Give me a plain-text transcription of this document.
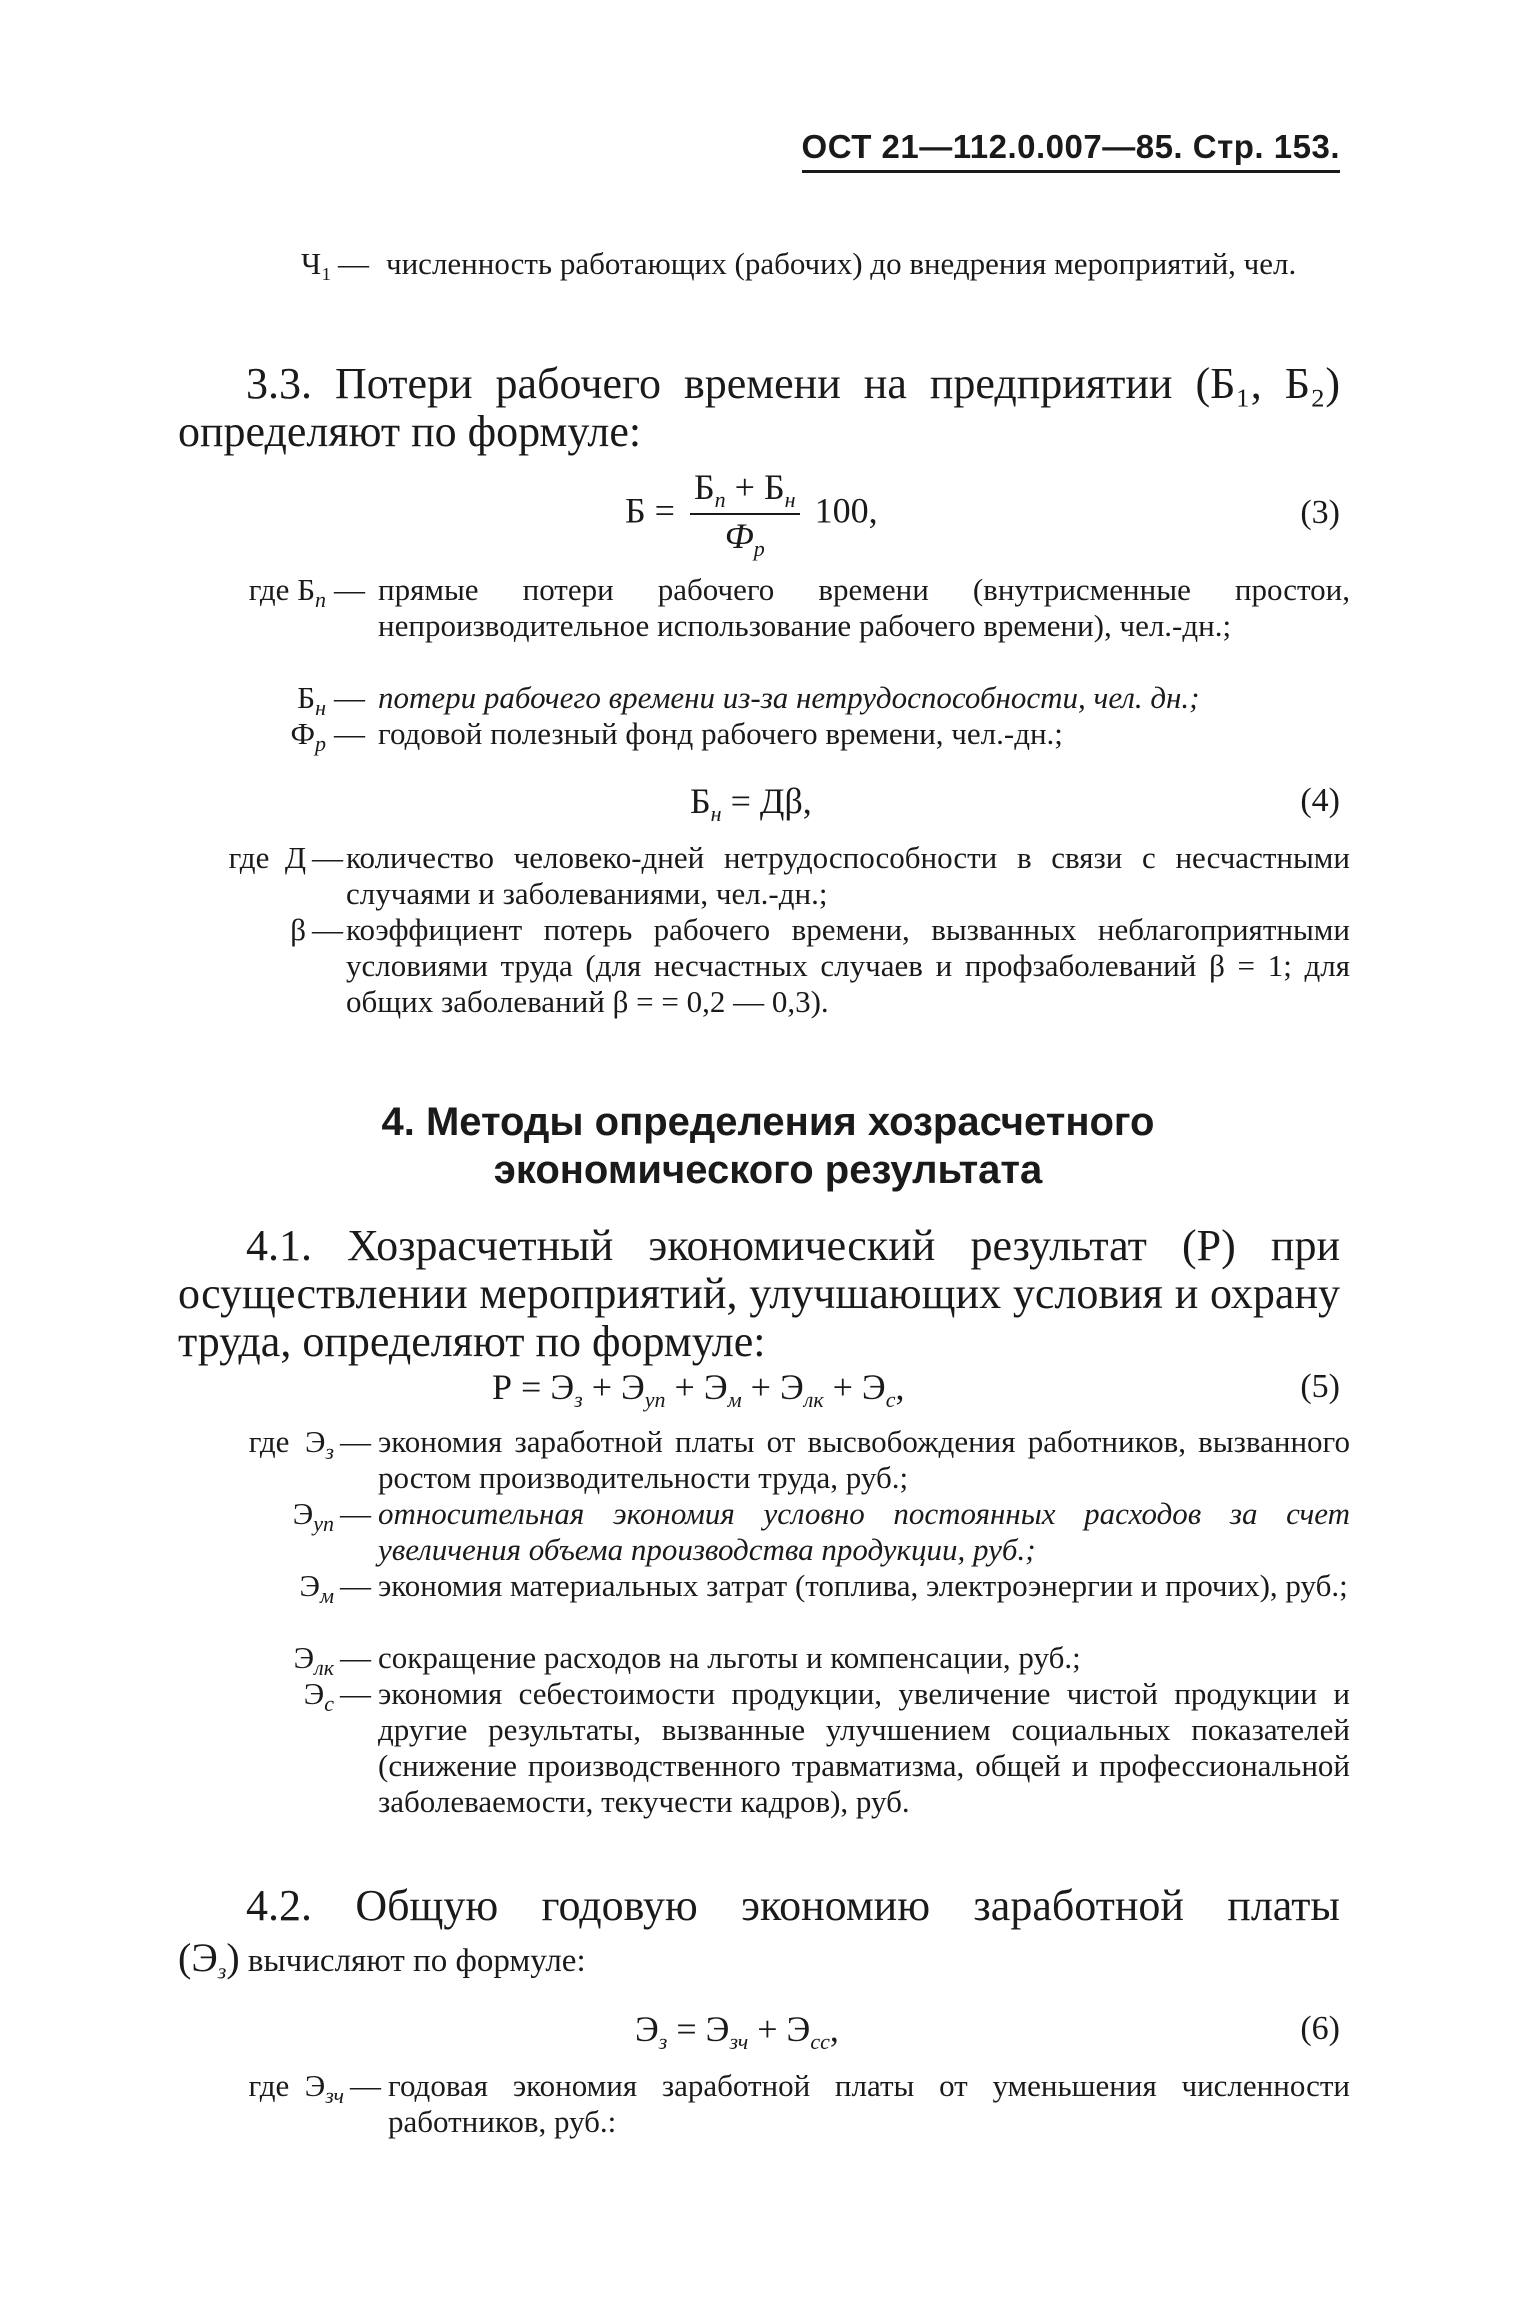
ОСТ 21—112.0.007—85. Стр. 153.
Ч₁ — численность работающих (рабочих) до внедрения мероприятий, чел.
3.3. Потери рабочего времени на предприятии (Б₁, Б₂) определяют по формуле:
$Б = \frac{Б_п + Б_н}{Ф_р} 100$,	(3)
где $Б_п$ — прямые потери рабочего времени (внутрисменные простои, непроизводительное использование рабочего времени), чел.-дн.;
$Б_н$ — потери рабочего времени из-за нетрудоспособности, чел. дн.;
$Ф_р$ — годовой полезный фонд рабочего времени, чел.-дн.;
$Б_н = Д\beta$,	(4)
где Д — количество человеко-дней нетрудоспособности в связи с несчастными случаями и заболеваниями, чел.-дн.;
β — коэффициент потерь рабочего времени, вызванных неблагоприятными условиями труда (для несчастных случаев и профзаболеваний β = 1; для общих заболеваний β = = 0,2 — 0,3).
4. Методы определения хозрасчетного
экономического результата
4.1. Хозрасчетный экономический результат (Р) при осуществлении мероприятий, улучшающих условия и охрану труда, определяют по формуле:
$Р = Э_з + Э_{уп} + Э_м + Э_{лк} + Э_с$,	(5)
где $Э_з$ — экономия заработной платы от высвобождения работников, вызванного ростом производительности труда, руб.;
$Э_{уп}$ — относительная экономия условно постоянных расходов за счет увеличения объема производства продукции, руб.;
$Э_м$ — экономия материальных затрат (топлива, электроэнергии и прочих), руб.;
$Э_{лк}$ — сокращение расходов на льготы и компенсации, руб.;
$Э_с$ — экономия себестоимости продукции, увеличение чистой продукции и другие результаты, вызванные улучшением социальных показателей (снижение производственного травматизма, общей и профессиональной заболеваемости, текучести кадров), руб.
4.2. Общую годовую экономию заработной платы
$(Э_з)$ вычисляют по формуле:
$Э_з = Э_{зч} + Э_{сс}$,	(6)
где $Э_{зч}$ — годовая экономия заработной платы от уменьшения численности работников, руб.:
